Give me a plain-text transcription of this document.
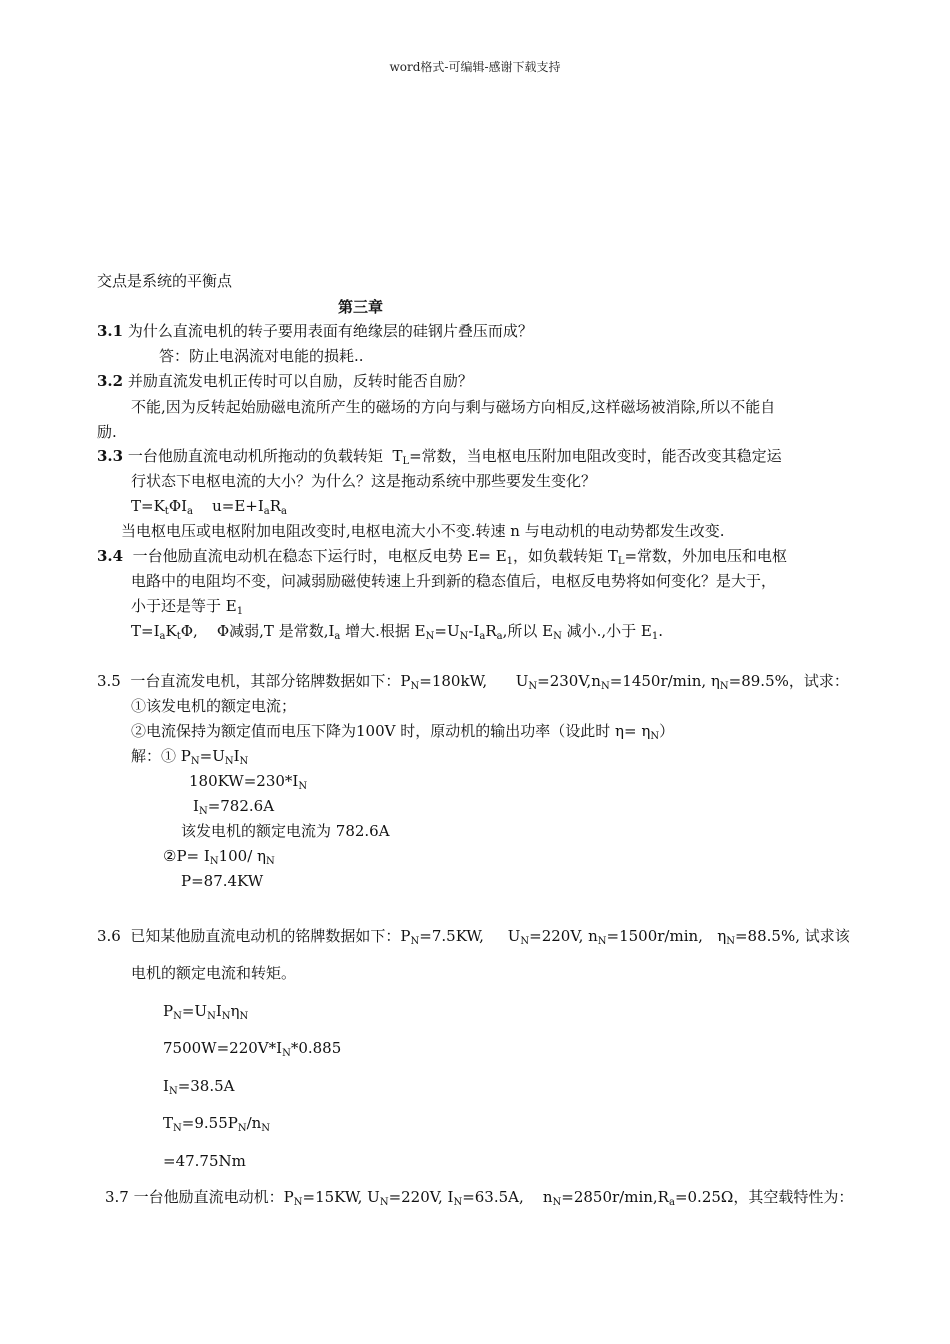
word格式-可编辑-感谢下载支持
交点是系统的平衡点
第三章
3.1 为什么直流电机的转子要用表面有绝缘层的硅钢片叠压而成？
答：防止电涡流对电能的损耗..
3.2 并励直流发电机正传时可以自励，反转时能否自励？
不能,因为反转起始励磁电流所产生的磁场的方向与剩与磁场方向相反,这样磁场被消除,所以不能自
励.
3.3 一台他励直流电动机所拖动的负载转矩  $T_L=$常数，当电枢电压附加电阻改变时，能否改变其稳定运
行状态下电枢电流的大小？为什么？这是拖动系统中那些要发生变化？
$T=K_t\Phi I_a$    $u=E+I_aR_a$
当电枢电压或电枢附加电阻改变时,电枢电流大小不变.转速 n 与电动机的电动势都发生改变.
3.4 一台他励直流电动机在稳态下运行时，电枢反电势 $E= E_1$，如负载转矩 $T_L=$常数，外加电压和电枢
电路中的电阻均不变，问减弱励磁使转速上升到新的稳态值后，电枢反电势将如何变化？是大于，
小于还是等于 $E_1$
$T=I_aK_t\Phi$,    Φ减弱,T 是常数$,I_a$ 增大.根据 $E_N=U_N-I_aR_a$,所以 $E_N$ 减小.,小于 $E_1$.
3.5 一台直流发电机，其部分铭牌数据如下：$P_N=180kW$,      $U_N=230V,n_N=1450r/\min$, $\eta_N=89.5\%$，试求：
①该发电机的额定电流；
②电流保持为额定值而电压下降为100V 时，原动机的输出功率（设此时 $\eta= \eta_N$）
解：① $P_N=U_NI_N$
$180KW=230*I_N$
$I_N=782.6A$
该发电机的额定电流为 782.6A
②P= $I_N100/$ $\eta_N$
P=87.4KW
3.6 已知某他励直流电动机的铭牌数据如下：$P_N=7.5KW$,     $U_N=220V$, $n_N=1500r/\min$,   $\eta_N=88.5\%$, 试求该
电机的额定电流和转矩。
$P_N=U_NI_N\eta_N$
$7500W=220V*I_N*0.885$
$I_N=38.5A$
$T_N=9.55P_N/n_N$
=47.75Nm
3.7 一台他励直流电动机：$P_N=15KW$, $U_N=220V$, $I_N=63.5A$,    $n_N=2850r/\min,R_a=0.25\Omega$，其空载特性为：
